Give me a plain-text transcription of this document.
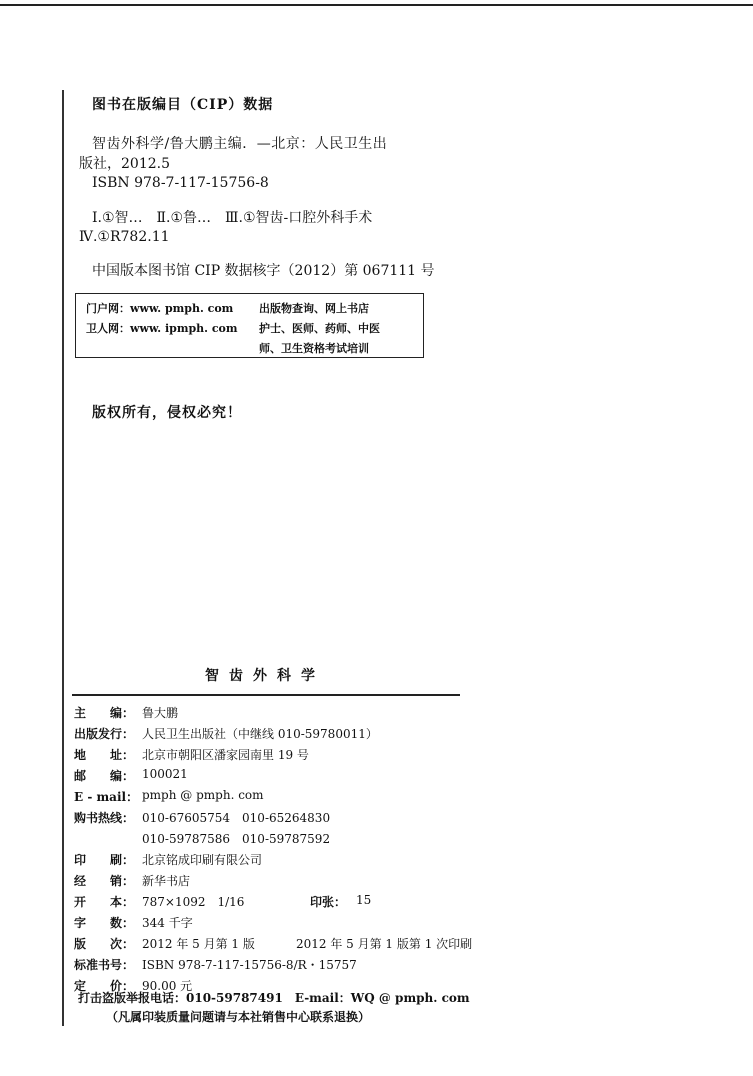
图书在版编目（CIP）数据
智齿外科学/鲁大鹏主编．—北京：人民卫生出
版社，2012.5
ISBN 978-7-117-15756-8
Ⅰ.①智…　Ⅱ.①鲁…　Ⅲ.①智齿-口腔外科手术
Ⅳ.①R782.11
中国版本图书馆 CIP 数据核字（2012）第 067111 号
门户网：www. pmph. com 出版物查询、网上书店
卫人网：www. ipmph. com 护士、医师、药师、中医
师、卫生资格考试培训
版权所有，侵权必究！
智齿外科学
主　　编： 鲁大鹏
出版发行： 人民卫生出版社（中继线 010-59780011）
地　　址： 北京市朝阳区潘家园南里 19 号
邮　　编： 100021
E - mail： pmph @ pmph. com
购书热线： 010-67605754　010-65264830
010-59787586　010-59787592
印　　刷： 北京铭成印刷有限公司
经　　销： 新华书店
开　　本： 787×1092　1/16	印张： 15
字　　数： 344 千字
版　　次： 2012 年 5 月第 1 版	2012 年 5 月第 1 版第 1 次印刷
标准书号： ISBN 978-7-117-15756-8/R・15757
定　　价： 90.00 元
打击盗版举报电话：010-59787491　E-mail：WQ @ pmph. com
（凡属印装质量问题请与本社销售中心联系退换）
